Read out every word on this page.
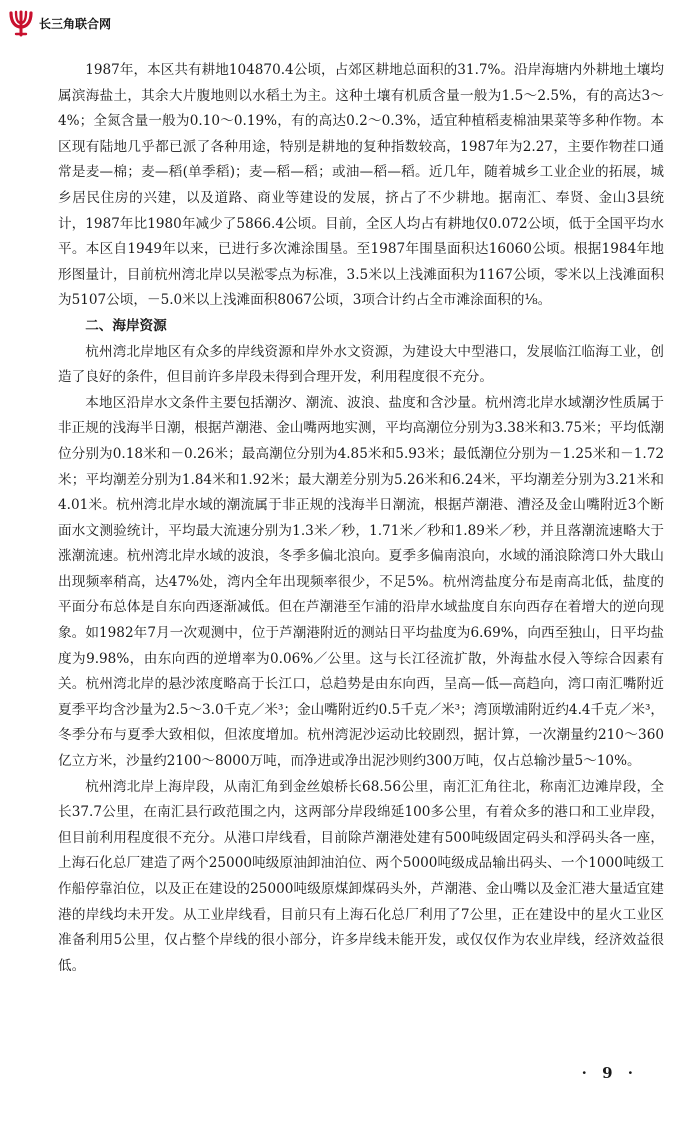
长三角联合网

1987年，本区共有耕地104870.4公顷，占郊区耕地总面积的31.7%。沿岸海塘内外耕地土壤均属滨海盐土，其余大片腹地则以水稻土为主。这种土壤有机质含量一般为1.5～2.5%，有的高达3～4%；全氮含量一般为0.10～0.19%，有的高达0.2～0.3%，适宜种植稻麦棉油果菜等多种作物。本区现有陆地几乎都已派了各种用途，特别是耕地的复种指数较高，1987年为2.27，主要作物茬口通常是麦—棉；麦—稻(单季稻)；麦—稻—稻；或油—稻—稻。近几年，随着城乡工业企业的拓展，城乡居民住房的兴建，以及道路、商业等建设的发展，挤占了不少耕地。据南汇、奉贤、金山3县统计，1987年比1980年减少了5866.4公顷。目前，全区人均占有耕地仅0.072公顷，低于全国平均水平。本区自1949年以来，已进行多次滩涂围垦。至1987年围垦面积达16060公顷。根据1984年地形图量计，目前杭州湾北岸以吴淞零点为标准，3.5米以上浅滩面积为1167公顷，零米以上浅滩面积为5107公顷，－5.0米以上浅滩面积8067公顷，3项合计约占全市滩涂面积的⅛。

二、海岸资源

杭州湾北岸地区有众多的岸线资源和岸外水文资源，为建设大中型港口，发展临江临海工业，创造了良好的条件，但目前许多岸段未得到合理开发，利用程度很不充分。

本地区沿岸水文条件主要包括潮汐、潮流、波浪、盐度和含沙量。杭州湾北岸水域潮汐性质属于非正规的浅海半日潮，根据芦潮港、金山嘴两地实测，平均高潮位分别为3.38米和3.75米；平均低潮位分别为0.18米和－0.26米；最高潮位分别为4.85米和5.93米；最低潮位分别为－1.25米和－1.72米；平均潮差分别为1.84米和1.92米；最大潮差分别为5.26米和6.24米，平均潮差分别为3.21米和4.01米。杭州湾北岸水域的潮流属于非正规的浅海半日潮流，根据芦潮港、漕泾及金山嘴附近3个断面水文测验统计，平均最大流速分别为1.3米／秒，1.71米／秒和1.89米／秒，并且落潮流速略大于涨潮流速。杭州湾北岸水域的波浪，冬季多偏北浪向。夏季多偏南浪向，水域的涌浪除湾口外大戢山出现频率稍高，达47%处，湾内全年出现频率很少，不足5%。杭州湾盐度分布是南高北低，盐度的平面分布总体是自东向西逐渐减低。但在芦潮港至乍浦的沿岸水域盐度自东向西存在着增大的逆向现象。如1982年7月一次观测中，位于芦潮港附近的测站日平均盐度为6.69%，向西至独山，日平均盐度为9.98%，由东向西的逆增率为0.06%／公里。这与长江径流扩散，外海盐水侵入等综合因素有关。杭州湾北岸的悬沙浓度略高于长江口，总趋势是由东向西，呈高—低—高趋向，湾口南汇嘴附近夏季平均含沙量为2.5～3.0千克／米³；金山嘴附近约0.5千克／米³；湾顶墩浦附近约4.4千克／米³，冬季分布与夏季大致相似，但浓度增加。杭州湾泥沙运动比较剧烈，据计算，一次潮量约210～360亿立方米，沙量约2100～8000万吨，而净进或净出泥沙则约300万吨，仅占总输沙量5～10%。

杭州湾北岸上海岸段，从南汇角到金丝娘桥长68.56公里，南汇汇角往北，称南汇边滩岸段，全长37.7公里，在南汇县行政范围之内，这两部分岸段绵延100多公里，有着众多的港口和工业岸段，但目前利用程度很不充分。从港口岸线看，目前除芦潮港处建有500吨级固定码头和浮码头各一座，上海石化总厂建造了两个25000吨级原油卸油泊位、两个5000吨级成品输出码头、一个1000吨级工作船停靠泊位，以及正在建设的25000吨级原煤卸煤码头外，芦潮港、金山嘴以及金汇港大量适宜建港的岸线均未开发。从工业岸线看，目前只有上海石化总厂利用了7公里，正在建设中的星火工业区准备利用5公里，仅占整个岸线的很小部分，许多岸线未能开发，或仅仅作为农业岸线，经济效益很低。

· 9 ·
